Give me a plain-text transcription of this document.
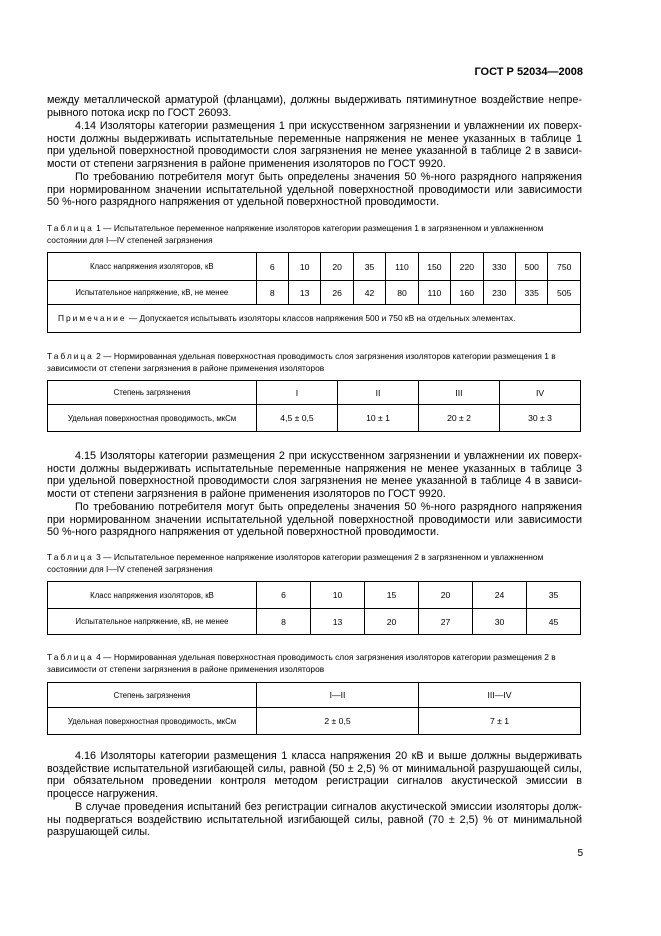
ГОСТ Р 52034—2008
между металлической арматурой (фланцами), должны выдерживать пятиминутное воздействие непрерывного потока искр по ГОСТ 26093.
4.14 Изоляторы категории размещения 1 при искусственном загрязнении и увлажнении их поверхности должны выдерживать испытательные переменные напряжения не менее указанных в таблице 1 при удельной поверхностной проводимости слоя загрязнения не менее указанной в таблице 2 в зависимости от степени загрязнения в районе применения изоляторов по ГОСТ 9920.
По требованию потребителя могут быть определены значения 50 %-ного разрядного напряжения при нормированном значении испытательной удельной поверхностной проводимости или зависимости 50 %-ного разрядного напряжения от удельной поверхностной проводимости.
Таблица 1 — Испытательное переменное напряжение изоляторов категории размещения 1 в загрязненном и увлажненном состоянии для I—IV степеней загрязнения
Класс напряжения изоляторов, кВ	6	10	20	35	110	150	220	330	500	750
Испытательное напряжение, кВ, не менее	8	13	26	42	80	110	160	230	335	505
Примечание — Допускается испытывать изоляторы классов напряжения 500 и 750 кВ на отдельных элементах.										
Таблица 2 — Нормированная удельная поверхностная проводимость слоя загрязнения изоляторов категории размещения 1 в зависимости от степени загрязнения в районе применения изоляторов
Степень загрязнения	I	II	III	IV
Удельная поверхностная проводимость, мкСм	4,5 ± 0,5	10 ± 1	20 ± 2	30 ± 3
4.15 Изоляторы категории размещения 2 при искусственном загрязнении и увлажнении их поверхности должны выдерживать испытательные переменные напряжения не менее указанных в таблице 3 при удельной поверхностной проводимости слоя загрязнения не менее указанной в таблице 4 в зависимости от степени загрязнения в районе применения изоляторов по ГОСТ 9920.
По требованию потребителя могут быть определены значения 50 %-ного разрядного напряжения при нормированном значении испытательной удельной поверхностной проводимости или зависимости 50 %-ного разрядного напряжения от удельной поверхностной проводимости.
Таблица 3 — Испытательное переменное напряжение изоляторов категории размещения 2 в загрязненном и увлажненном состоянии для I—IV степеней загрязнения
Класс напряжения изоляторов, кВ	6	10	15	20	24	35
Испытательное напряжение, кВ, не менее	8	13	20	27	30	45
Таблица 4 — Нормированная удельная поверхностная проводимость слоя загрязнения изоляторов категории размещения 2 в зависимости от степени загрязнения в районе применения изоляторов
Степень загрязнения	I—II	III—IV
Удельная поверхностная проводимость, мкСм	2 ± 0,5	7 ± 1
4.16 Изоляторы категории размещения 1 класса напряжения 20 кВ и выше должны выдерживать воздействие испытательной изгибающей силы, равной (50 ± 2,5) % от минимальной разрушающей силы, при обязательном проведении контроля методом регистрации сигналов акустической эмиссии в процессе нагружения.
В случае проведения испытаний без регистрации сигналов акустической эмиссии изоляторы должны подвергаться воздействию испытательной изгибающей силы, равной (70 ± 2,5) % от минимальной разрушающей силы.
5
